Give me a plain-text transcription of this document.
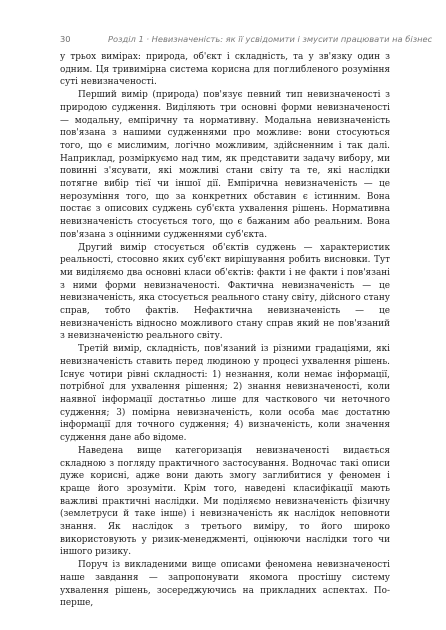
30	Розділ 1 · Невизначеність: як її усвідомити і змусити працювати на бізнес

у трьох вимірах: природа, об'єкт і складність, та у зв'язку один з одним. Ця тривимірна система корисна для поглибленого розуміння суті невизначеності.

Перший вимір (природа) пов'язує певний тип невизначеності з природою судження. Виділяють три основні форми невизначеності — модальну, емпіричну та нормативну. Модальна невизначеність пов'язана з нашими судженнями про можливе: вони стосуються того, що є мислимим, логічно можливим, здійсненним і так далі. Наприклад, розміркуємо над тим, як представити задачу вибору, ми повинні з'ясувати, які можливі стани світу та те, які наслідки потягне вибір тієї чи іншої дії. Емпірична невизначеність — це нерозуміння того, що за конкретних обставин є істинним. Вона постає з описових суджень суб'єкта ухвалення рішень. Нормативна невизначеність стосується того, що є бажаним або реальним. Вона пов'язана з оцінними судженнями суб'єкта.

Другий вимір стосується об'єктів суджень — характеристик реальності, стосовно яких суб'єкт вирішування робить висновки. Тут ми виділяємо два основні класи об'єктів: факти і не факти і пов'язані з ними форми невизначеності. Фактична невизначеність — це невизначеність, яка стосується реального стану світу, дійсного стану справ, тобто фактів. Нефактична невизначеність — це невизначеність відносно можливого стану справ який не пов'язаний з невизначеністю реального світу.

Третій вимір, складність, пов'язаний із різними градаціями, які невизначеність ставить перед людиною у процесі ухвалення рішень. Існує чотири рівні складності: 1) незнання, коли немає інформації, потрібної для ухвалення рішення; 2) знання невизначеності, коли наявної інформації достатньо лише для часткового чи неточного судження; 3) помірна невизначеність, коли особа має достатню інформації для точного судження; 4) визначеність, коли значення судження дане або відоме.

Наведена вище категоризація невизначеності видається складною з погляду практичного застосування. Водночас такі описи дуже корисні, адже вони дають змогу заглибитися у феномен і краще його зрозуміти. Крім того, наведені класифікації мають важливі практичні наслідки. Ми поділяємо невизначеність фізичну (землетруси й таке інше) і невизначеність як наслідок неповноти знання. Як наслідок з третього виміру, то його широко використовують у ризик-менеджменті, оцінюючи наслідки того чи іншого ризику.

Поруч із викладеними вище описами феномена невизначеності наше завдання — запропонувати якомога простішу систему ухвалення рішень, зосереджуючись на прикладних аспектах. По-перше,
